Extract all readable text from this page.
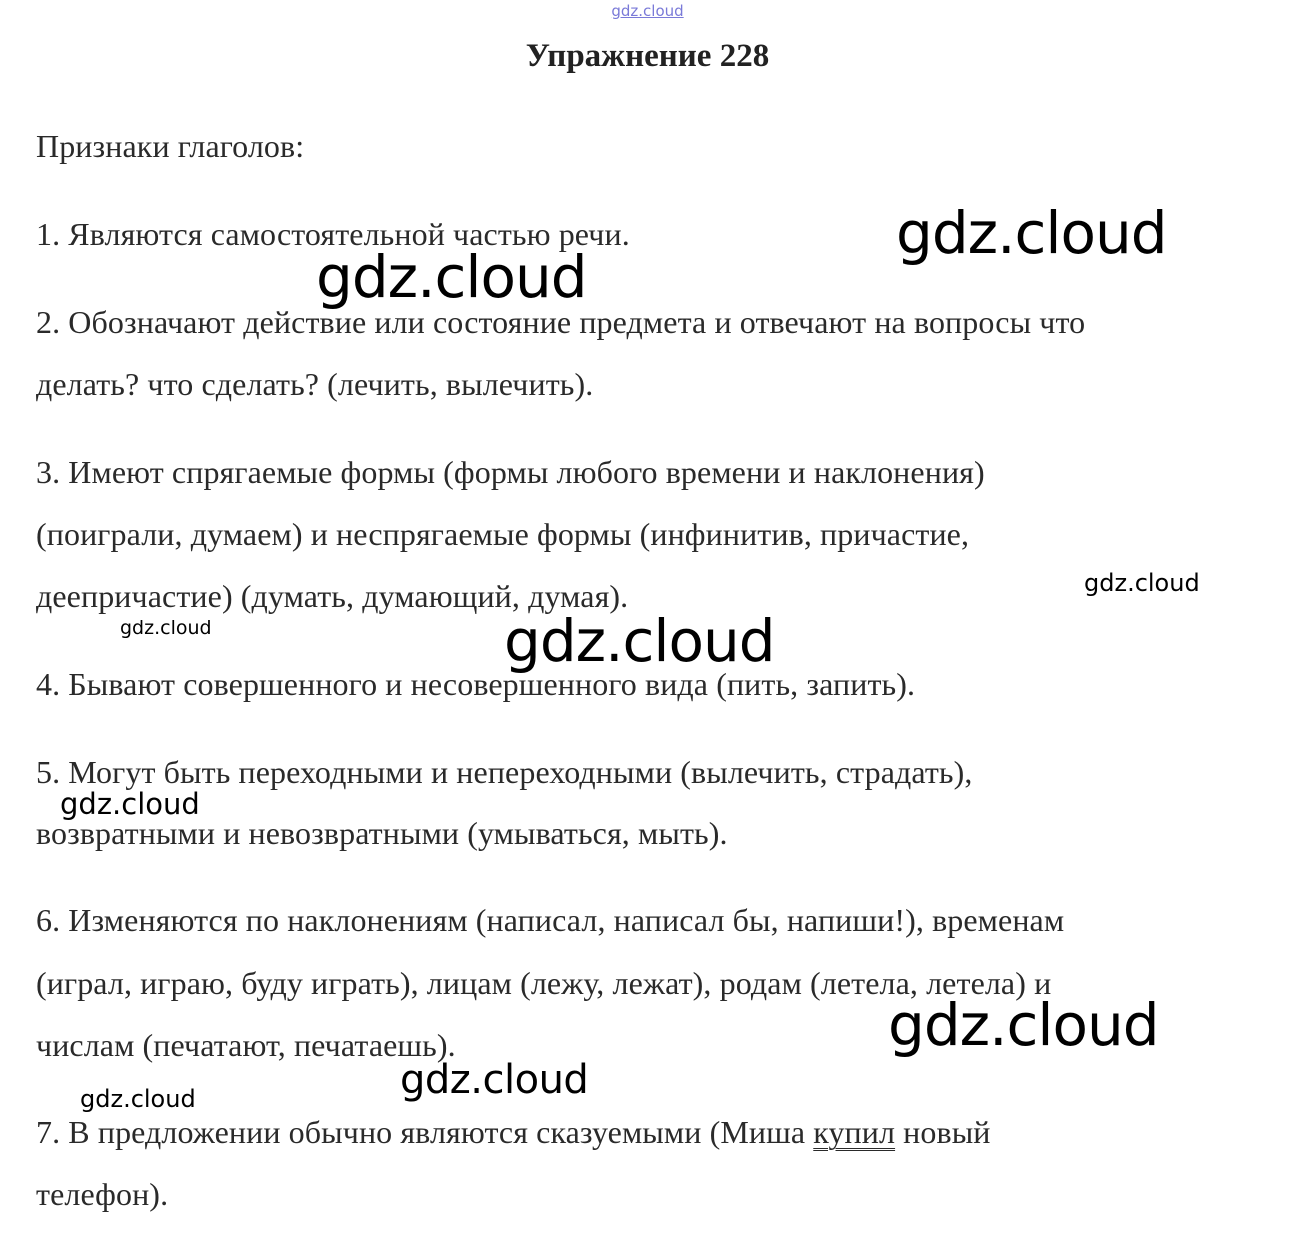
gdz.cloud
Упражнение 228
Признаки глаголов:
1. Являются самостоятельной частью речи.
2. Обозначают действие или состояние предмета и отвечают на вопросы что
делать? что сделать? (лечить, вылечить).
3. Имеют спрягаемые формы (формы любого времени и наклонения)
(поиграли, думаем) и неспрягаемые формы (инфинитив, причастие,
деепричастие) (думать, думающий, думая).
4. Бывают совершенного и несовершенного вида (пить, запить).
5. Могут быть переходными и непереходными (вылечить, страдать),
возвратными и невозвратными (умываться, мыть).
6. Изменяются по наклонениям (написал, написал бы, напиши!), временам
(играл, играю, буду играть), лицам (лежу, лежат), родам (летела, летела) и
числам (печатают, печатаешь).
7. В предложении обычно являются сказуемыми (Миша купил новый
телефон).
gdz.cloud
gdz.cloud
gdz.cloud
gdz.cloud	gdz.cloud
gdz.cloud
gdz.cloud
gdz.cloud
gdz.cloud
